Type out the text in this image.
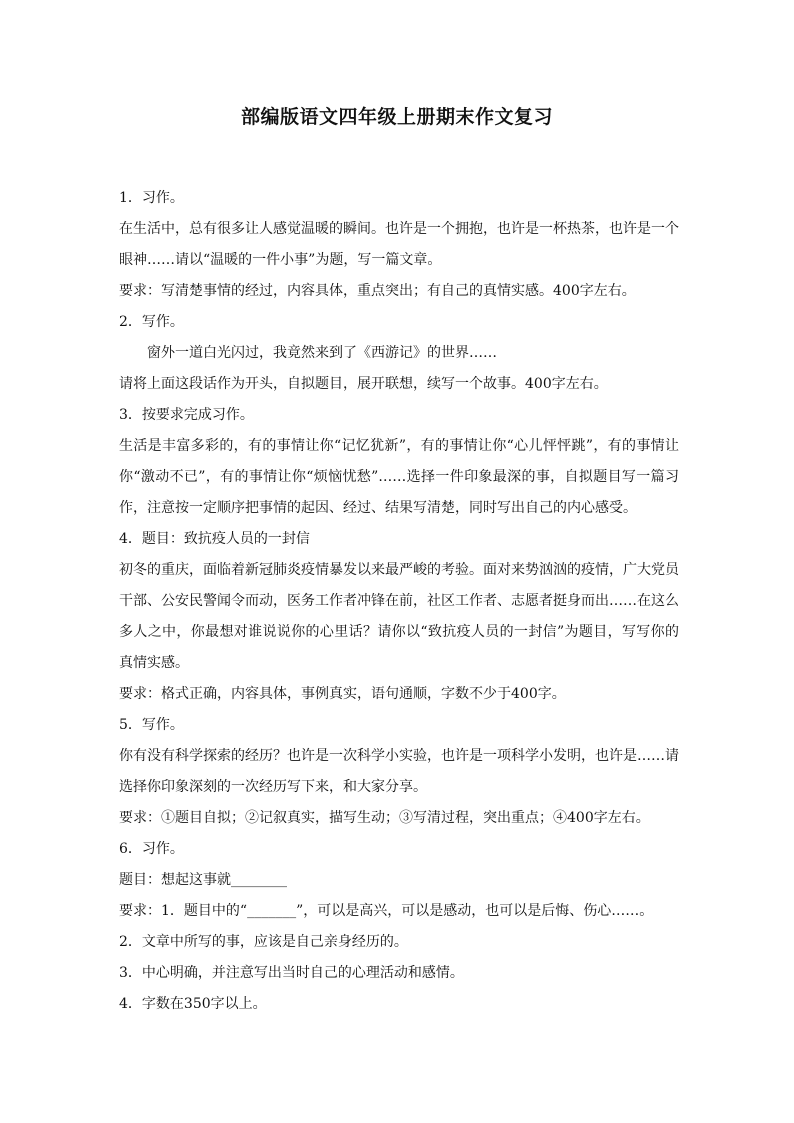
部编版语文四年级上册期末作文复习
1．习作。
在生活中，总有很多让人感觉温暖的瞬间。也许是一个拥抱，也许是一杯热茶，也许是一个眼神……请以“温暖的一件小事”为题，写一篇文章。
要求：写清楚事情的经过，内容具体，重点突出；有自己的真情实感。400字左右。
2．写作。
窗外一道白光闪过，我竟然来到了《西游记》的世界……
请将上面这段话作为开头，自拟题目，展开联想，续写一个故事。400字左右。
3．按要求完成习作。
生活是丰富多彩的，有的事情让你“记忆犹新”，有的事情让你“心儿怦怦跳”，有的事情让你“激动不已”，有的事情让你“烦恼忧愁”……选择一件印象最深的事，自拟题目写一篇习作，注意按一定顺序把事情的起因、经过、结果写清楚，同时写出自己的内心感受。
4．题目：致抗疫人员的一封信
初冬的重庆，面临着新冠肺炎疫情暴发以来最严峻的考验。面对来势汹汹的疫情，广大党员干部、公安民警闻令而动，医务工作者冲锋在前，社区工作者、志愿者挺身而出……在这么多人之中，你最想对谁说说你的心里话？请你以“致抗疫人员的一封信”为题目，写写你的真情实感。
要求：格式正确，内容具体，事例真实，语句通顺，字数不少于400字。
5．写作。
你有没有科学探索的经历？也许是一次科学小实验，也许是一项科学小发明，也许是……请选择你印象深刻的一次经历写下来，和大家分享。
要求：①题目自拟；②记叙真实，描写生动；③写清过程，突出重点；④400字左右。
6．习作。
题目：想起这事就________
要求：1．题目中的“_______”，可以是高兴，可以是感动，也可以是后悔、伤心……。
2．文章中所写的事，应该是自己亲身经历的。
3．中心明确，并注意写出当时自己的心理活动和感情。
4．字数在350字以上。
